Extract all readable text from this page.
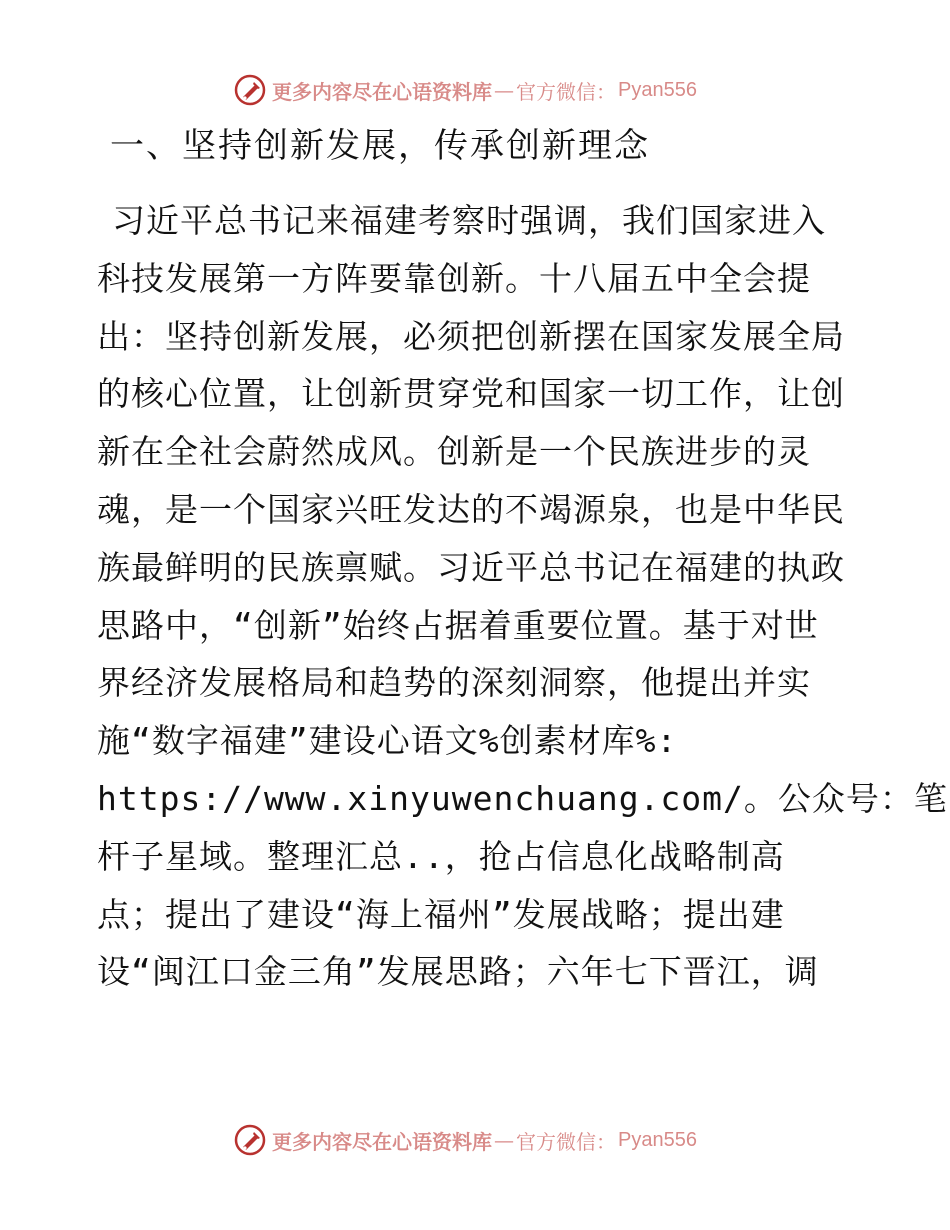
更多内容尽在心语资料库 — 官方微信： Pyan556
一、坚持创新发展，传承创新理念
习近平总书记来福建考察时强调，我们国家进入
科技发展第一方阵要靠创新。十八届五中全会提
出：坚持创新发展，必须把创新摆在国家发展全局
的核心位置，让创新贯穿党和国家一切工作，让创
新在全社会蔚然成风。创新是一个民族进步的灵
魂，是一个国家兴旺发达的不竭源泉，也是中华民
族最鲜明的民族禀赋。习近平总书记在福建的执政
思路中，“创新”始终占据着重要位置。基于对世
界经济发展格局和趋势的深刻洞察，他提出并实
施“数字福建”建设心语文%创素材库%:
https://www.xinyuwenchuang.com/。公众号：笔
杆子星域。整理汇总..，抢占信息化战略制高
点；提出了建设“海上福州”发展战略；提出建
设“闽江口金三角”发展思路；六年七下晋江，调
更多内容尽在心语资料库 — 官方微信： Pyan556
